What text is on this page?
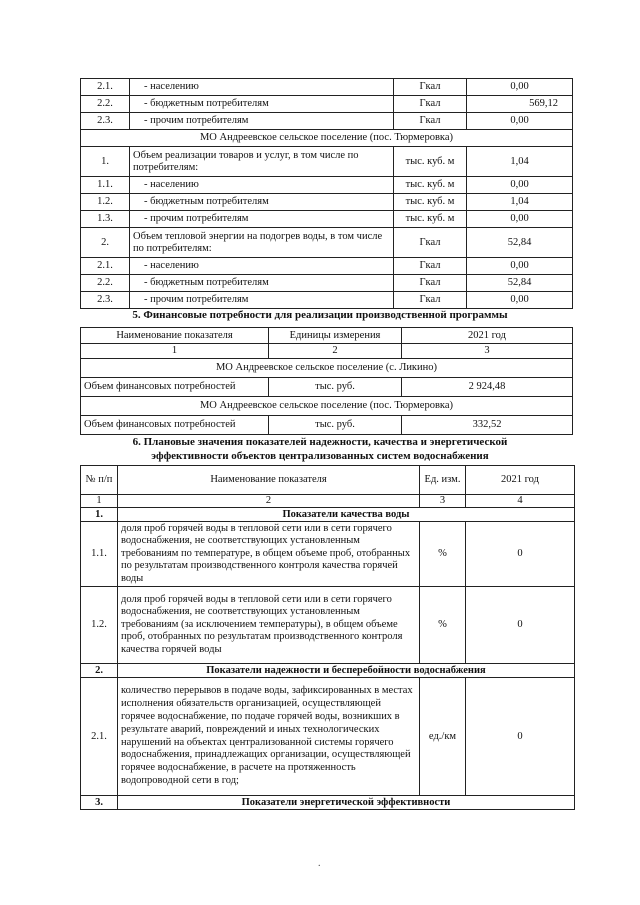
2.1.	- населению	Гкал	0,00
2.2.	- бюджетным потребителям	Гкал	569,12
2.3.	- прочим потребителям	Гкал	0,00
МО Андреевское сельское поселение (пос. Тюрмеровка)			
1.	Объем реализации товаров и услуг, в том числе по потребителям:	тыс. куб. м	1,04
1.1.	- населению	тыс. куб. м	0,00
1.2.	- бюджетным потребителям	тыс. куб. м	1,04
1.3.	- прочим потребителям	тыс. куб. м	0,00
2.	Объем тепловой энергии на подогрев воды, в том числе по потребителям:	Гкал	52,84
2.1.	- населению	Гкал	0,00
2.2.	- бюджетным потребителям	Гкал	52,84
2.3.	- прочим потребителям	Гкал	0,00
5. Финансовые потребности для реализации производственной программы
Наименование показателя	Единицы измерения	2021 год
1	2	3
МО Андреевское сельское поселение (с. Ликино)		
Объем финансовых потребностей	тыс. руб.	2 924,48
МО Андреевское сельское поселение (пос. Тюрмеровка)		
Объем финансовых потребностей	тыс. руб.	332,52
6. Плановые значения показателей надежности, качества и энергетической
эффективности объектов централизованных систем водоснабжения
№ п/п	Наименование показателя	Ед. изм.	2021 год
1	2	3	4
1.	Показатели качества воды		
1.1.	доля проб горячей воды в тепловой сети или в сети горячего водоснабжения, не соответствующих установленным требованиям по температуре, в общем объеме проб, отобранных по результатам производственного контроля качества горячей воды	%	0
1.2.	доля проб горячей воды в тепловой сети или в сети горячего водоснабжения, не соответствующих установленным требованиям (за исключением температуры), в общем объеме проб, отобранных по результатам производственного контроля качества горячей воды	%	0
2.	Показатели надежности и бесперебойности водоснабжения		
2.1.	количество перерывов в подаче воды, зафиксированных в местах исполнения обязательств организацией, осуществляющей горячее водоснабжение, по подаче горячей воды, возникших в результате аварий, повреждений и иных технологических нарушений на объектах централизованной системы горячего водоснабжения, принадлежащих организации, осуществляющей горячее водоснабжение, в расчете на протяженность водопроводной сети в год;	ед./км	0
3.	Показатели энергетической эффективности		
.
